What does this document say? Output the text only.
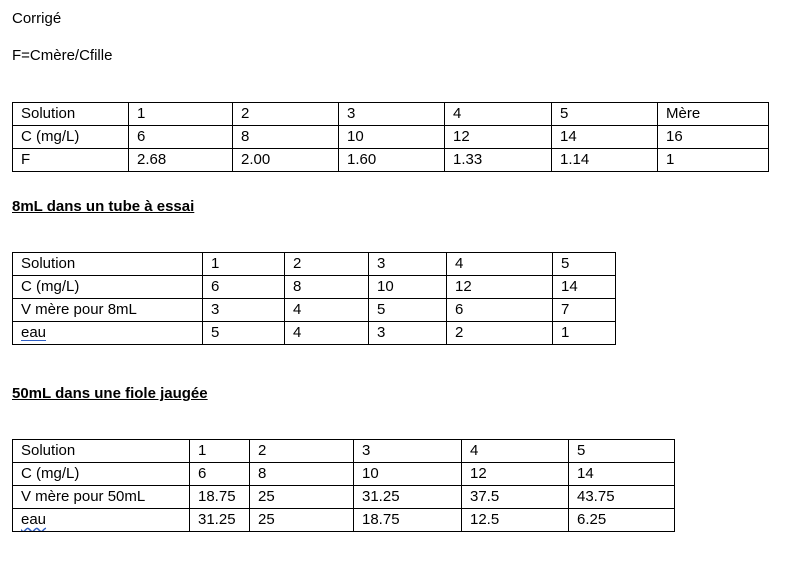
Corrigé
F=Cmère/Cfille
Solution	1	2	3	4	5	Mère
C (mg/L)	6	8	10	12	14	16
F	2.68	2.00	1.60	1.33	1.14	1
8mL dans un tube à essai
Solution	1	2	3	4	5
C (mg/L)	6	8	10	12	14
V mère pour 8mL	3	4	5	6	7
eau	5	4	3	2	1
50mL dans une fiole jaugée
Solution	1	2	3	4	5
C (mg/L)	6	8	10	12	14
V mère pour 50mL	18.75	25	31.25	37.5	43.75
eau	31.25	25	18.75	12.5	6.25
